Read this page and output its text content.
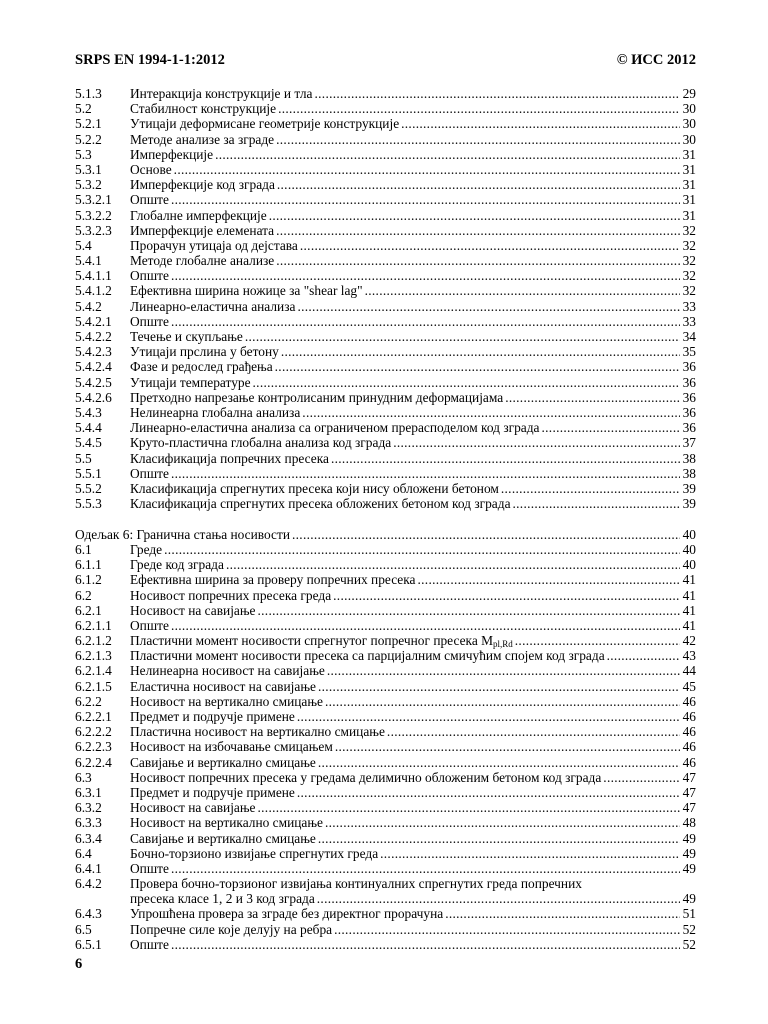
SRPS EN 1994-1-1:2012	© ИСС 2012
5.1.3	Интеракција конструкције и тла .....	29
5.2	Стабилност конструкције .....	30
5.2.1	Утицаји деформисане геометрије конструкције .....	30
5.2.2	Методе анализе за зграде .....	30
5.3	Имперфекције .....	31
5.3.1	Основе .....	31
5.3.2	Имперфекције код зграда .....	31
5.3.2.1	Опште .....	31
5.3.2.2	Глобалне имперфекције .....	31
5.3.2.3	Имперфекције елемената .....	32
5.4	Прорачун утицаја од дејстава .....	32
5.4.1	Методе глобалне анализе .....	32
5.4.1.1	Опште .....	32
5.4.1.2	Ефективна ширина ножице за "shear lag" .....	32
5.4.2	Линеарно-еластична анализа .....	33
5.4.2.1	Опште .....	33
5.4.2.2	Течење и скупљање .....	34
5.4.2.3	Утицаји прслина у бетону .....	35
5.4.2.4	Фазе и редослед грађења .....	36
5.4.2.5	Утицаји температуре .....	36
5.4.2.6	Претходно напрезање контролисаним принудним деформацијама .....	36
5.4.3	Нелинеарна глобална анализа .....	36
5.4.4	Линеарно-еластична анализа са ограниченом прерасподелом код зграда .....	36
5.4.5	Круто-пластична глобална анализа код зграда .....	37
5.5	Класификација попречних пресека .....	38
5.5.1	Опште .....	38
5.5.2	Класификација спрегнутих пресека који нису обложени бетоном .....	39
5.5.3	Класификација спрегнутих пресека обложених бетоном код зграда .....	39
Одељак 6: Гранична стања носивости .....	40
6.1	Греде .....	40
6.1.1	Греде код зграда .....	40
6.1.2	Ефективна ширина за проверу попречних пресека .....	41
6.2	Носивост попречних пресека греда .....	41
6.2.1	Носивост на савијање .....	41
6.2.1.1	Опште .....	41
6.2.1.2	Пластични момент носивости спрегнутог попречног пресека $M_{pl,Rd}$ .....	42
6.2.1.3	Пластични момент носивости пресека са парцијалним смичућим спојем код зграда .....	43
6.2.1.4	Нелинеарна носивост на савијање .....	44
6.2.1.5	Еластична носивост на савијање .....	45
6.2.2	Носивост на вертикално смицање .....	46
6.2.2.1	Предмет и подручје примене .....	46
6.2.2.2	Пластична носивост на вертикално смицање .....	46
6.2.2.3	Носивост на избочавање смицањем .....	46
6.2.2.4	Савијање и вертикално смицање .....	46
6.3	Носивост попречних пресека у гредама делимично обложеним бетоном код зграда .....	47
6.3.1	Предмет и подручје примене .....	47
6.3.2	Носивост на савијање .....	47
6.3.3	Носивост на вертикално смицање .....	48
6.3.4	Савијање и вертикално смицање .....	49
6.4	Бочно-торзионо извијање спрегнутих греда .....	49
6.4.1	Опште .....	49
6.4.2	Провера бочно-торзионог извијања континуалних спрегнутих греда попречних
пресека класе 1, 2 и 3 код зграда .....	49
6.4.3	Упрошћена провера за зграде без директног прорачуна .....	51
6.5	Попречне силе које делују на ребра .....	52
6.5.1	Опште .....	52
6
